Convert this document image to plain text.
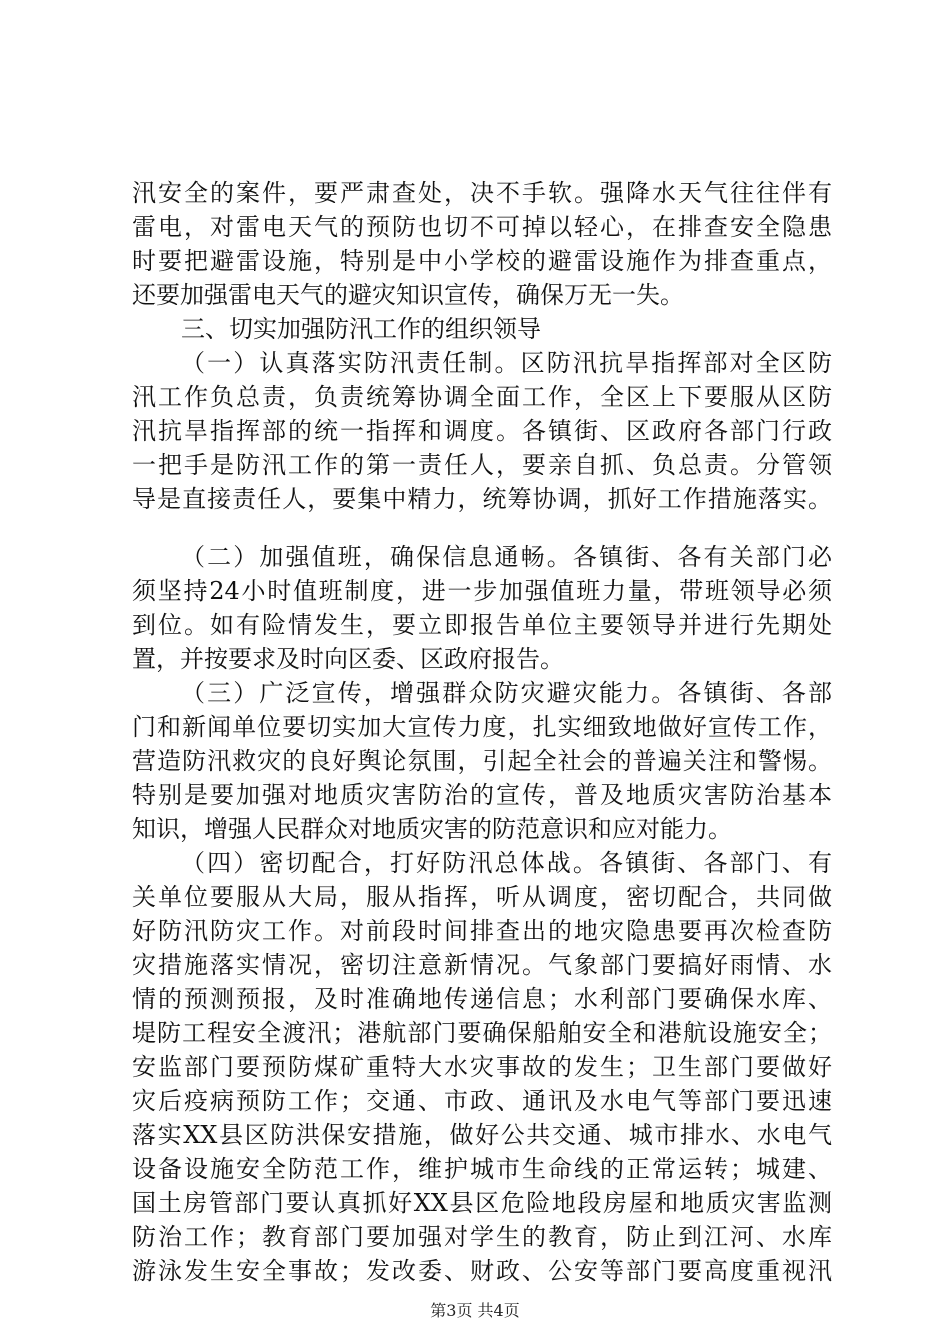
汛安全的案件，要严肃查处，决不手软。强降水天气往往伴有
雷电，对雷电天气的预防也切不可掉以轻心，在排查安全隐患
时要把避雷设施，特别是中小学校的避雷设施作为排查重点，
还要加强雷电天气的避灾知识宣传，确保万无一失。
三、切实加强防汛工作的组织领导
（一）认真落实防汛责任制。区防汛抗旱指挥部对全区防
汛工作负总责，负责统筹协调全面工作，全区上下要服从区防
汛抗旱指挥部的统一指挥和调度。各镇街、区政府各部门行政
一把手是防汛工作的第一责任人，要亲自抓、负总责。分管领
导是直接责任人，要集中精力，统筹协调，抓好工作措施落实。
（二）加强值班，确保信息通畅。各镇街、各有关部门必
须坚持24小时值班制度，进一步加强值班力量，带班领导必须
到位。如有险情发生，要立即报告单位主要领导并进行先期处
置，并按要求及时向区委、区政府报告。
（三）广泛宣传，增强群众防灾避灾能力。各镇街、各部
门和新闻单位要切实加大宣传力度，扎实细致地做好宣传工作，
营造防汛救灾的良好舆论氛围，引起全社会的普遍关注和警惕。
特别是要加强对地质灾害防治的宣传，普及地质灾害防治基本
知识，增强人民群众对地质灾害的防范意识和应对能力。
（四）密切配合，打好防汛总体战。各镇街、各部门、有
关单位要服从大局，服从指挥，听从调度，密切配合，共同做
好防汛防灾工作。对前段时间排查出的地灾隐患要再次检查防
灾措施落实情况，密切注意新情况。气象部门要搞好雨情、水
情的预测预报，及时准确地传递信息；水利部门要确保水库、
堤防工程安全渡汛；港航部门要确保船舶安全和港航设施安全；
安监部门要预防煤矿重特大水灾事故的发生；卫生部门要做好
灾后疫病预防工作；交通、市政、通讯及水电气等部门要迅速
落实XX县区防洪保安措施，做好公共交通、城市排水、水电气
设备设施安全防范工作，维护城市生命线的正常运转；城建、
国土房管部门要认真抓好XX县区危险地段房屋和地质灾害监测
第3页 共4页
防治工作；教育部门要加强对学生的教育，防止到江河、水库
游泳发生安全事故；发改委、财政、公安等部门要高度重视汛
